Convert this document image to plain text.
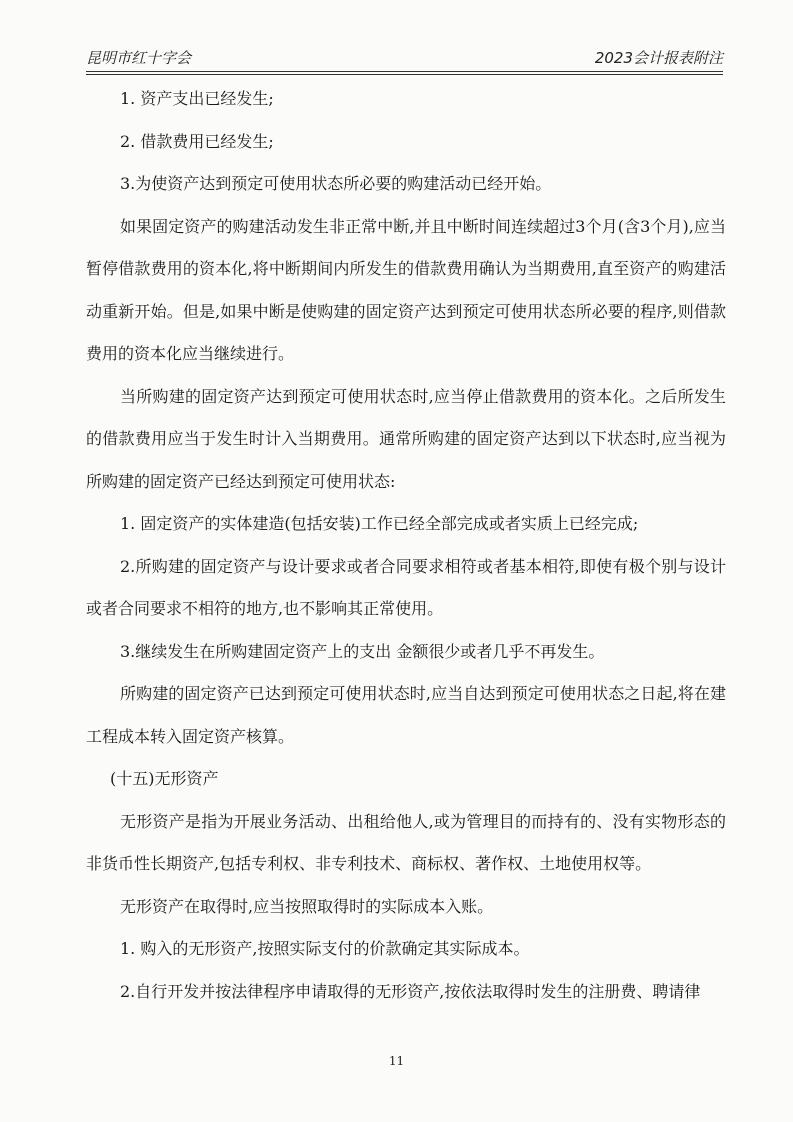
昆明市红十字会	2023会计报表附注

1. 资产支出已经发生;

2. 借款费用已经发生;

3.为使资产达到预定可使用状态所必要的购建活动已经开始。

如果固定资产的购建活动发生非正常中断,并且中断时间连续超过3个月(含3个月),应当暂停借款费用的资本化,将中断期间内所发生的借款费用确认为当期费用,直至资产的购建活动重新开始。但是,如果中断是使购建的固定资产达到预定可使用状态所必要的程序,则借款费用的资本化应当继续进行。

当所购建的固定资产达到预定可使用状态时,应当停止借款费用的资本化。之后所发生的借款费用应当于发生时计入当期费用。通常所购建的固定资产达到以下状态时,应当视为所购建的固定资产已经达到预定可使用状态:

1. 固定资产的实体建造(包括安装)工作已经全部完成或者实质上已经完成;

2.所购建的固定资产与设计要求或者合同要求相符或者基本相符,即使有极个别与设计或者合同要求不相符的地方,也不影响其正常使用。

3.继续发生在所购建固定资产上的支出 金额很少或者几乎不再发生。

所购建的固定资产已达到预定可使用状态时,应当自达到预定可使用状态之日起,将在建工程成本转入固定资产核算。

(十五)无形资产

无形资产是指为开展业务活动、出租给他人,或为管理目的而持有的、没有实物形态的非货币性长期资产,包括专利权、非专利技术、商标权、著作权、土地使用权等。

无形资产在取得时,应当按照取得时的实际成本入账。

1. 购入的无形资产,按照实际支付的价款确定其实际成本。

2.自行开发并按法律程序申请取得的无形资产,按依法取得时发生的注册费、聘请律

11
